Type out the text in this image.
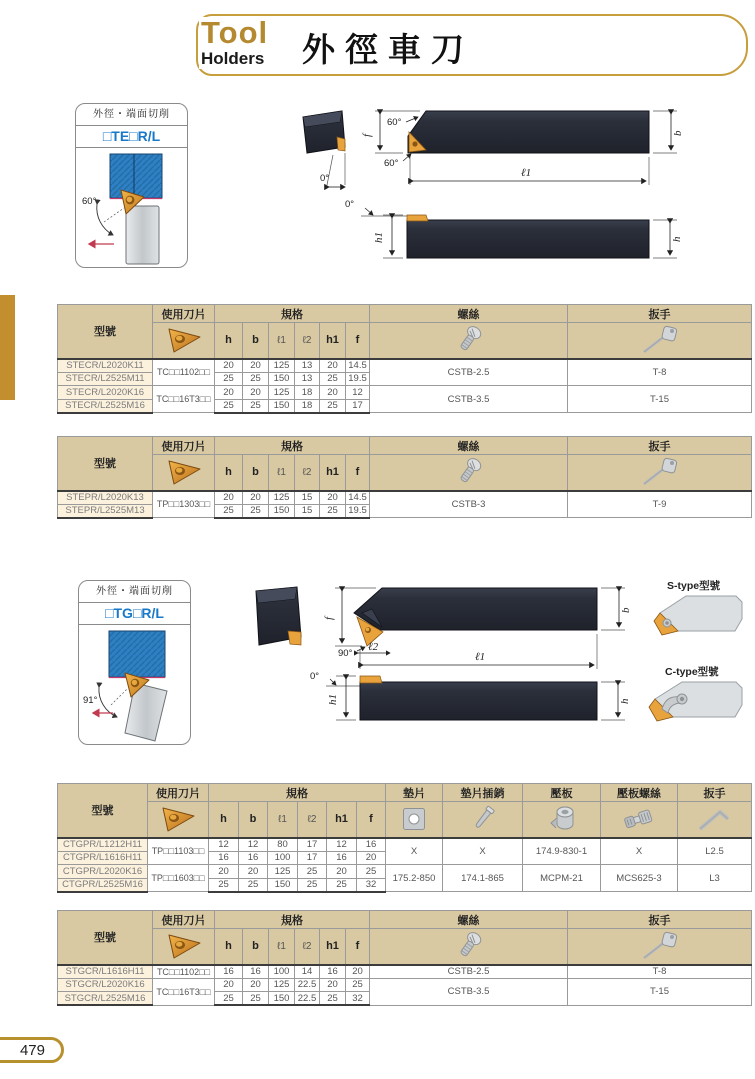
Tool
Holders 外徑車刀
外徑・端面切削
□TE□R/L
60°
0°
f
60°
60°
ℓ1
b
0°
h1	h
型號	使用刀片	規格						螺絲	扳手

	h	b	ℓ1	ℓ2	h1	f	

STECR/L2020K11	TC□□1102□□	20	20	125	13	20	14.5	CSTB-2.5	T-8
STECR/L2525M11		25	25	150	13	25	19.5		
STECR/L2020K16	TC□□16T3□□	20	20	125	18	20	12	CSTB-3.5	T-15
STECR/L2525M16		25	25	150	18	25	17		
型號	使用刀片	規格						螺絲	扳手

	h	b	ℓ1	ℓ2	h1	f	

STEPR/L2020K13	TP□□1303□□	20	20	125	15	20	14.5	CSTB-3	T-9
STEPR/L2525M13		25	25	150	15	25	19.5		
外徑・端面切削
□TG□R/L
91°
f
90°
ℓ2
ℓ1
b
0°
h1	h
S-type型號
C-type型號
型號	使用刀片	規格						墊片	墊片插銷	壓板	壓板螺絲	扳手

	h	b	ℓ1	ℓ2	h1	f	

CTGPR/L1212H11	TP□□1103□□	12	12	80	17	12	16	X	X	174.9-830-1	X	L2.5
CTGPR/L1616H11		16	16	100	17	16	20					
CTGPR/L2020K16	TP□□1603□□	20	20	125	25	20	25	175.2-850	174.1-865	MCPM-21	MCS625-3	L3
CTGPR/L2525M16		25	25	150	25	25	32					
型號	使用刀片	規格						螺絲	扳手

	h	b	ℓ1	ℓ2	h1	f	

STGCR/L1616H11	TC□□1102□□	16	16	100	14	16	20	CSTB-2.5	T-8
STGCR/L2020K16	TC□□16T3□□	20	20	125	22.5	20	25	CSTB-3.5	T-15
STGCR/L2525M16		25	25	150	22.5	25	32		
479
